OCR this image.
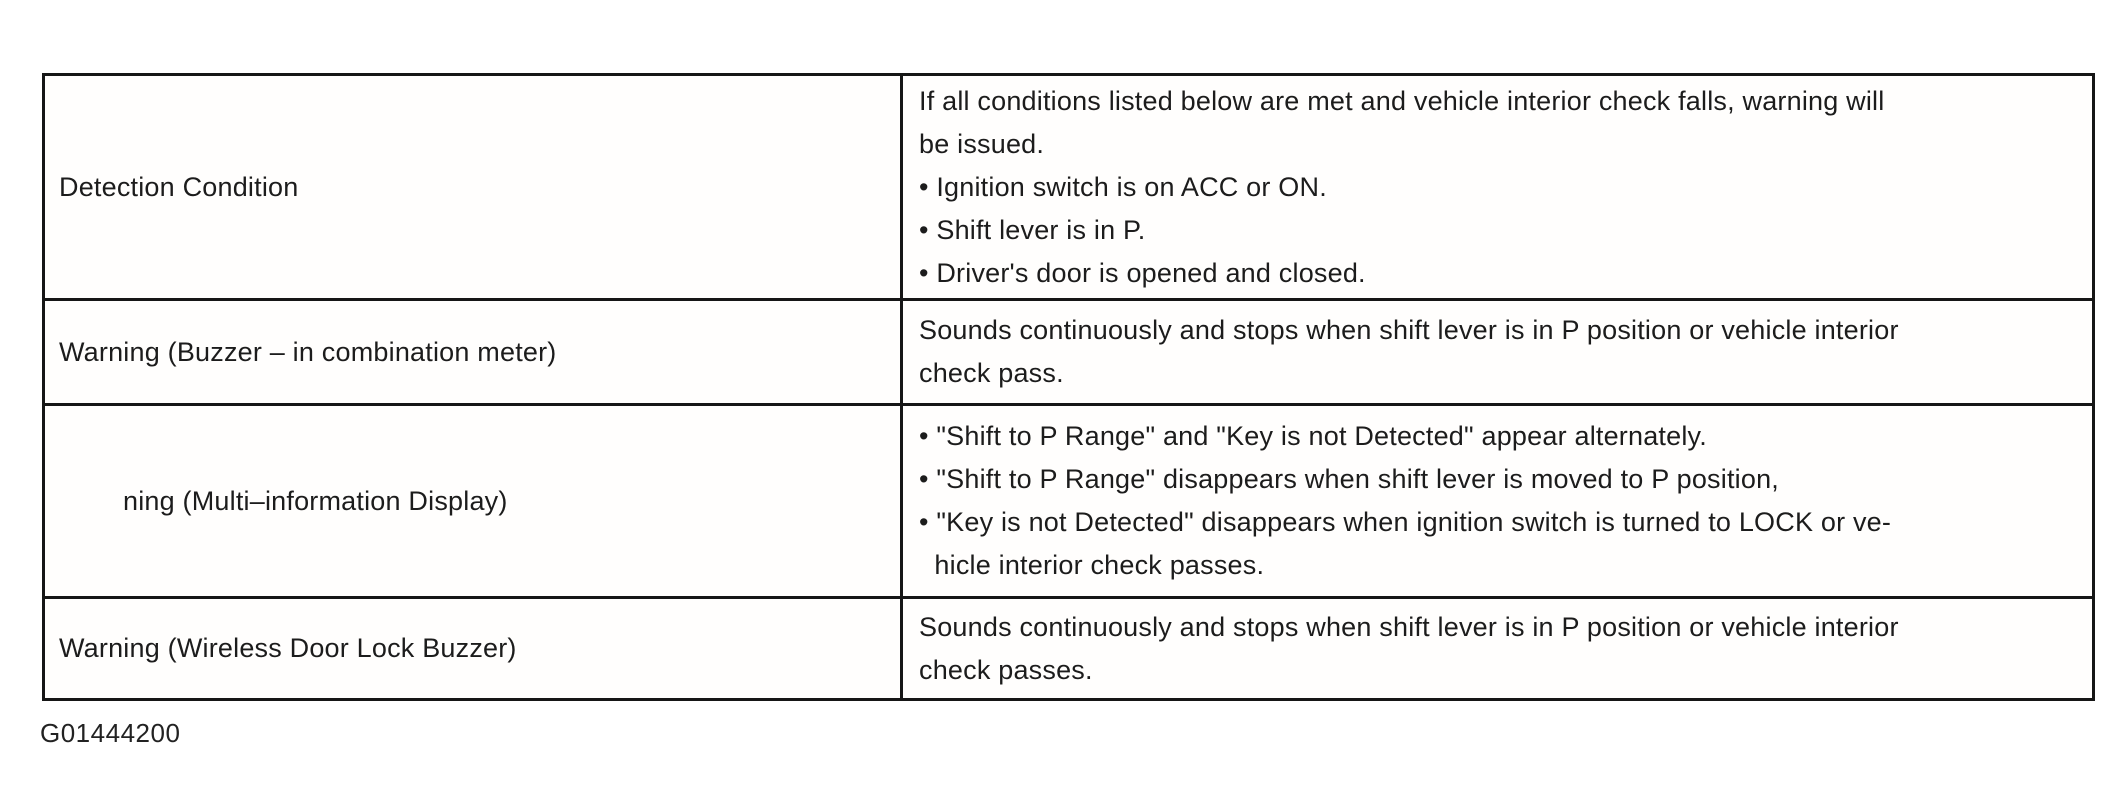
Detection Condition
If all conditions listed below are met and vehicle interior check falls, warning will
be issued.
• Ignition switch is on ACC or ON.
• Shift lever is in P.
• Driver's door is opened and closed.
Warning (Buzzer – in combination meter)
Sounds continuously and stops when shift lever is in P position or vehicle interior
check pass.
ning (Multi–information Display)
• "Shift to P Range" and "Key is not Detected" appear alternately.
• "Shift to P Range" disappears when shift lever is moved to P position,
• "Key is not Detected" disappears when ignition switch is turned to LOCK or ve-
hicle interior check passes.
Warning (Wireless Door Lock Buzzer)
Sounds continuously and stops when shift lever is in P position or vehicle interior
check passes.
G01444200
